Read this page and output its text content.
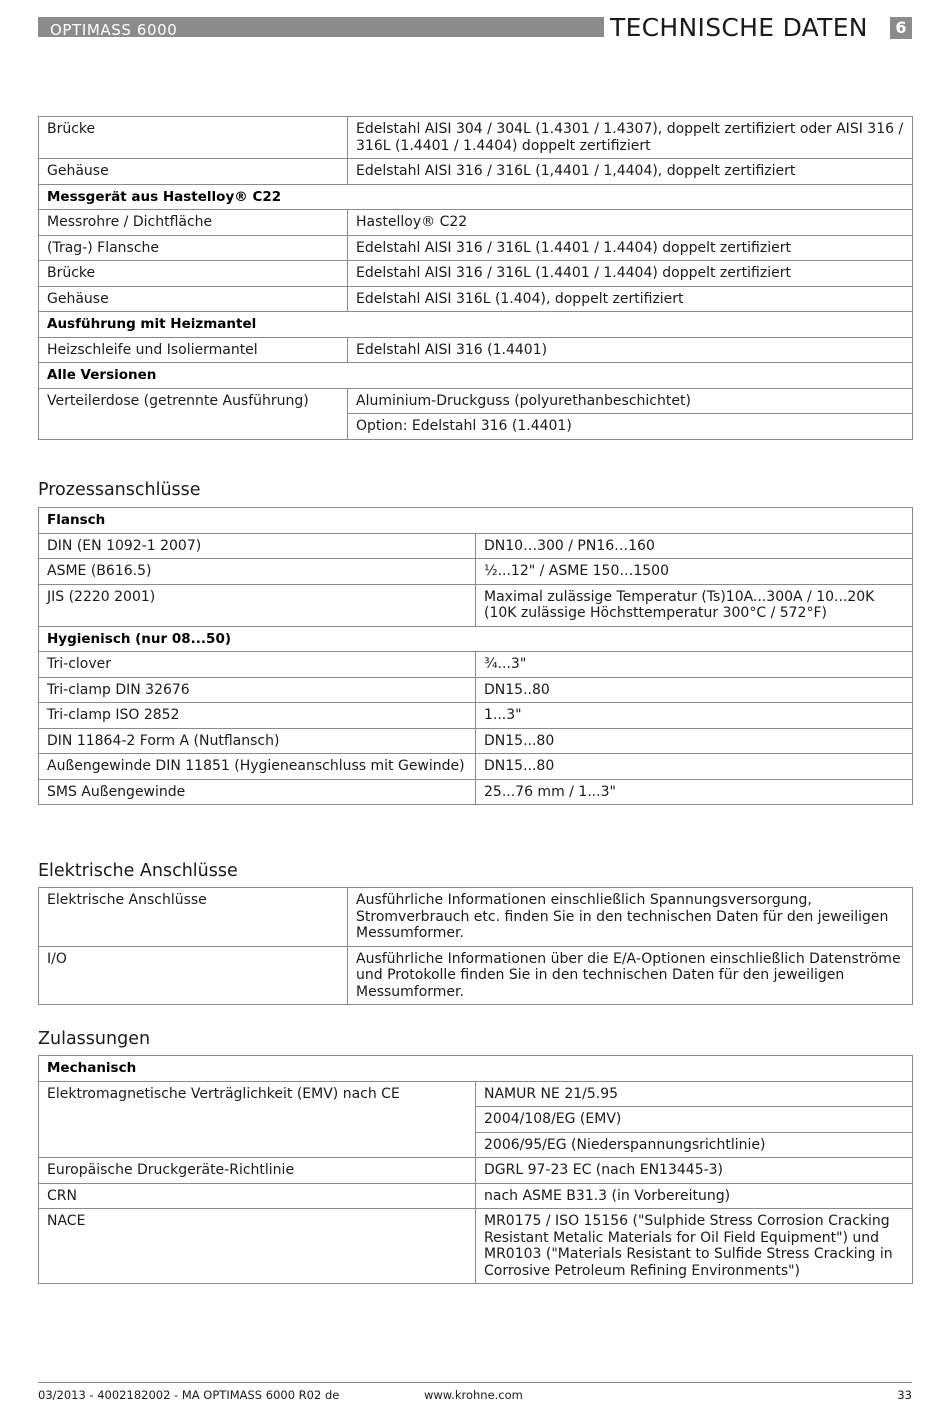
OPTIMASS 6000	TECHNISCHE DATEN	6
Brücke	Edelstahl AISI 304 / 304L (1.4301 / 1.4307), doppelt zertifiziert oder AISI 316 / 316L (1.4401 / 1.4404) doppelt zertifiziert
Gehäuse	Edelstahl AISI 316 / 316L (1,4401 / 1,4404), doppelt zertifiziert
Messgerät aus Hastelloy® C22	
Messrohre / Dichtfläche	Hastelloy® C22
(Trag-) Flansche	Edelstahl AISI 316 / 316L (1.4401 / 1.4404) doppelt zertifiziert
Brücke	Edelstahl AISI 316 / 316L (1.4401 / 1.4404) doppelt zertifiziert
Gehäuse	Edelstahl AISI 316L (1.404), doppelt zertifiziert
Ausführung mit Heizmantel	
Heizschleife und Isoliermantel	Edelstahl AISI 316 (1.4401)
Alle Versionen	
Verteilerdose (getrennte Ausführung)	Aluminium-Druckguss (polyurethanbeschichtet)
	Option: Edelstahl 316 (1.4401)
Prozessanschlüsse
Flansch	
DIN (EN 1092-1 2007)	DN10…300 / PN16…160
ASME (B616.5)	½...12" / ASME 150…1500
JIS (2220 2001)	Maximal zulässige Temperatur (Ts)10A...300A / 10...20K (10K zulässige Höchsttemperatur 300°C / 572°F)
Hygienisch (nur 08...50)	
Tri-clover	¾...3"
Tri-clamp DIN 32676	DN15..80
Tri-clamp ISO 2852	1...3"
DIN 11864-2 Form A (Nutflansch)	DN15...80
Außengewinde DIN 11851 (Hygieneanschluss mit Gewinde)	DN15...80
SMS Außengewinde	25...76 mm / 1...3"
Elektrische Anschlüsse
Elektrische Anschlüsse	Ausführliche Informationen einschließlich Spannungsversorgung, Stromverbrauch etc. finden Sie in den technischen Daten für den jeweiligen Messumformer.
I/O	Ausführliche Informationen über die E/A-Optionen einschließlich Datenströme und Protokolle finden Sie in den technischen Daten für den jeweiligen Messumformer.
Zulassungen
Mechanisch	
Elektromagnetische Verträglichkeit (EMV) nach CE	NAMUR NE 21/5.95
	2004/108/EG (EMV)
	2006/95/EG (Niederspannungsrichtlinie)
Europäische Druckgeräte-Richtlinie	DGRL 97-23 EC (nach EN13445-3)
CRN	nach ASME B31.3 (in Vorbereitung)
NACE	MR0175 / ISO 15156 ("Sulphide Stress Corrosion Cracking Resistant Metalic Materials for Oil Field Equipment") und MR0103 ("Materials Resistant to Sulfide Stress Cracking in Corrosive Petroleum Refining Environments")
03/2013 - 4002182002 - MA OPTIMASS 6000 R02 de	www.krohne.com	33
